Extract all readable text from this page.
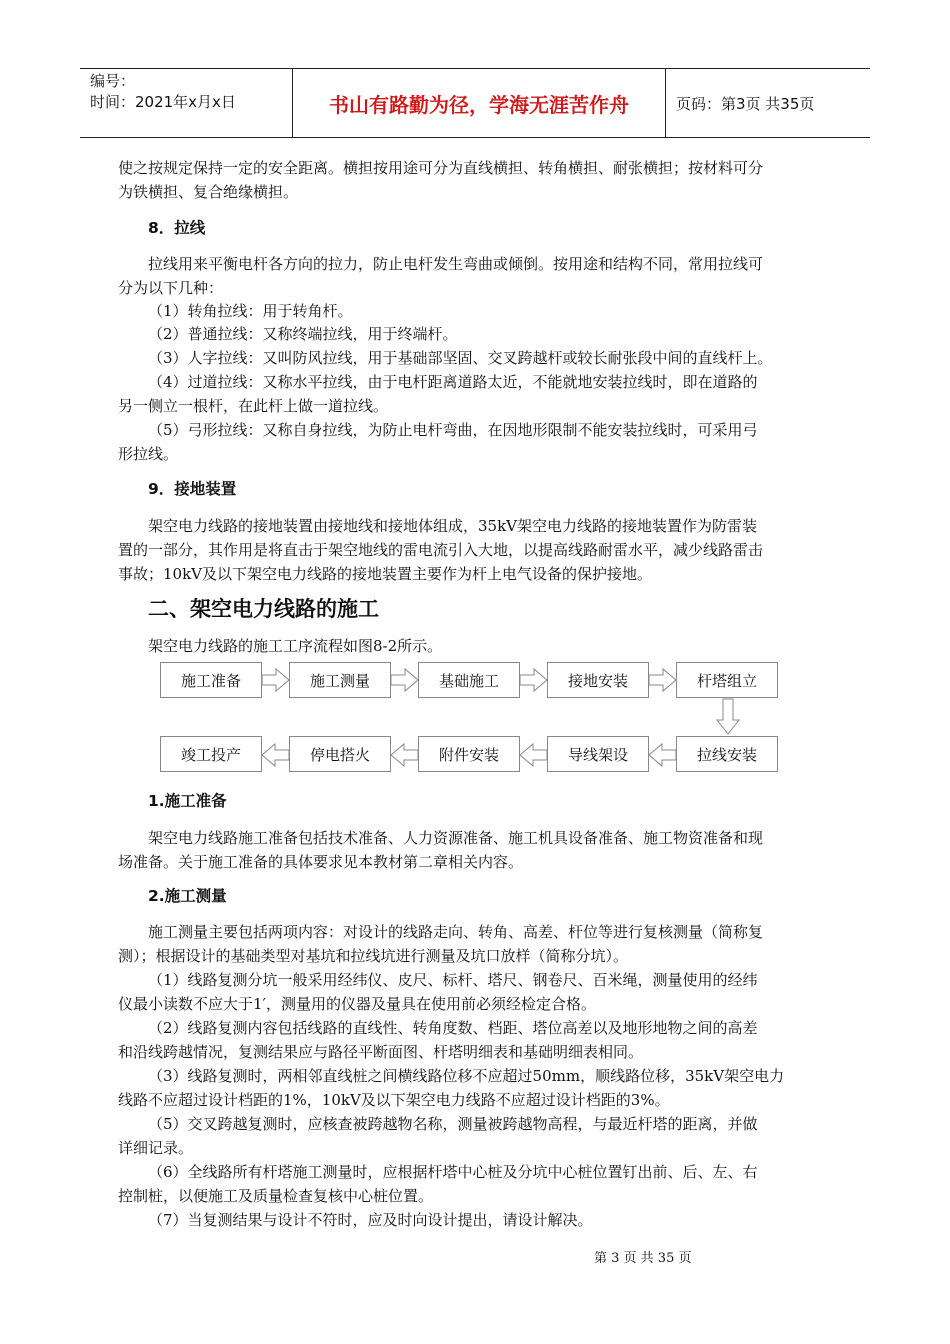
编号：
时间：2021年x月x日	书山有路勤为径，学海无涯苦作舟	页码：第3页 共35页
使之按规定保持一定的安全距离。横担按用途可分为直线横担、转角横担、耐张横担；按材料可分
为铁横担、复合绝缘横担。
8．拉线
拉线用来平衡电杆各方向的拉力，防止电杆发生弯曲或倾倒。按用途和结构不同，常用拉线可
分为以下几种：
（1）转角拉线：用于转角杆。
（2）普通拉线：又称终端拉线，用于终端杆。
（3）人字拉线：又叫防风拉线，用于基础部坚固、交叉跨越杆或较长耐张段中间的直线杆上。
（4）过道拉线：又称水平拉线，由于电杆距离道路太近，不能就地安装拉线时，即在道路的
另一侧立一根杆，在此杆上做一道拉线。
（5）弓形拉线：又称自身拉线，为防止电杆弯曲，在因地形限制不能安装拉线时，可采用弓
形拉线。
9．接地装置
架空电力线路的接地装置由接地线和接地体组成，35kV架空电力线路的接地装置作为防雷装
置的一部分，其作用是将直击于架空地线的雷电流引入大地，以提高线路耐雷水平，减少线路雷击
事故；10kV及以下架空电力线路的接地装置主要作为杆上电气设备的保护接地。
二、架空电力线路的施工
架空电力线路的施工工序流程如图8-2所示。
1.施工准备
架空电力线路施工准备包括技术准备、人力资源准备、施工机具设备准备、施工物资准备和现
场准备。关于施工准备的具体要求见本教材第二章相关内容。
2.施工测量
施工测量主要包括两项内容：对设计的线路走向、转角、高差、杆位等进行复核测量（简称复
测）；根据设计的基础类型对基坑和拉线坑进行测量及坑口放样（简称分坑）。
（1）线路复测分坑一般采用经纬仪、皮尺、标杆、塔尺、钢卷尺、百米绳，测量使用的经纬
仪最小读数不应大于1′，测量用的仪器及量具在使用前必须经检定合格。
（2）线路复测内容包括线路的直线性、转角度数、档距、塔位高差以及地形地物之间的高差
和沿线跨越情况，复测结果应与路径平断面图、杆塔明细表和基础明细表相同。
（3）线路复测时，两相邻直线桩之间横线路位移不应超过50mm，顺线路位移，35kV架空电力
线路不应超过设计档距的1%，10kV及以下架空电力线路不应超过设计档距的3%。
（5）交叉跨越复测时，应核查被跨越物名称，测量被跨越物高程，与最近杆塔的距离，并做
详细记录。
（6）全线路所有杆塔施工测量时，应根据杆塔中心桩及分坑中心桩位置钉出前、后、左、右
控制桩，以便施工及质量检查复核中心桩位置。
（7）当复测结果与设计不符时，应及时向设计提出，请设计解决。
施工准备	施工测量	基础施工	接地安装	杆塔组立
竣工投产	停电搭火	附件安装	导线架设	拉线安装
第 3 页 共 35 页
